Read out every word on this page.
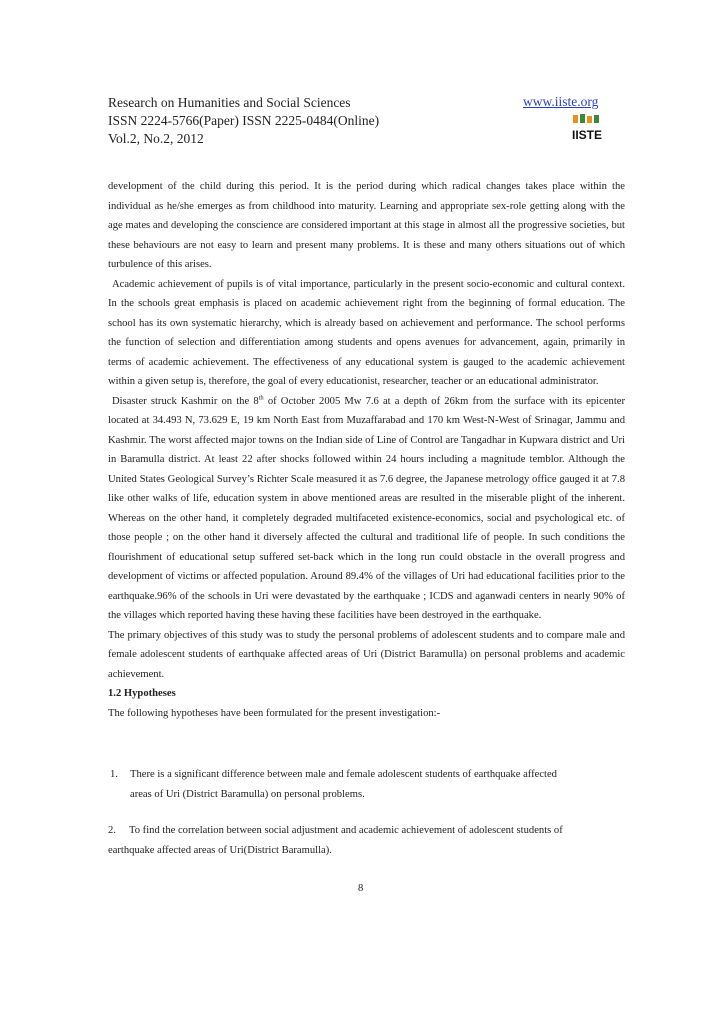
Research on Humanities and Social Sciences
ISSN 2224-5766(Paper) ISSN 2225-0484(Online)
Vol.2, No.2, 2012
www.iiste.org
IISTE

development of the child during this period. It is the period during which radical changes takes place within the individual as he/she emerges as from childhood into maturity. Learning and appropriate sex-role getting along with the age mates and developing the conscience are considered important at this stage in almost all the progressive societies, but these behaviours are not easy to learn and present many problems. It is these and many others situations out of which turbulence of this arises.

Academic achievement of pupils is of vital importance, particularly in the present socio-economic and cultural context. In the schools great emphasis is placed on academic achievement right from the beginning of formal education. The school has its own systematic hierarchy, which is already based on achievement and performance. The school performs the function of selection and differentiation among students and opens avenues for advancement, again, primarily in terms of academic achievement. The effectiveness of any educational system is gauged to the academic achievement within a given setup is, therefore, the goal of every educationist, researcher, teacher or an educational administrator.

Disaster struck Kashmir on the 8th of October 2005 Mw 7.6 at a depth of 26km from the surface with its epicenter located at 34.493 N, 73.629 E, 19 km North East from Muzaffarabad and 170 km West-N-West of Srinagar, Jammu and Kashmir. The worst affected major towns on the Indian side of Line of Control are Tangadhar in Kupwara district and Uri in Baramulla district. At least 22 after shocks followed within 24 hours including a magnitude temblor. Although the United States Geological Survey’s Richter Scale measured it as 7.6 degree, the Japanese metrology office gauged it at 7.8 like other walks of life, education system in above mentioned areas are resulted in the miserable plight of the inherent. Whereas on the other hand, it completely degraded multifaceted existence-economics, social and psychological etc. of those people ; on the other hand it diversely affected the cultural and traditional life of people. In such conditions the flourishment of educational setup suffered set-back which in the long run could obstacle in the overall progress and development of victims or affected population. Around 89.4% of the villages of Uri had educational facilities prior to the earthquake.96% of the schools in Uri were devastated by the earthquake ; ICDS and aganwadi centers in nearly 90% of the villages which reported having these having these facilities have been destroyed in the earthquake.

The primary objectives of this study was to study the personal problems of adolescent students and to compare male and female adolescent students of earthquake affected areas of Uri (District Baramulla) on personal problems and academic achievement.

1.2 Hypotheses

The following hypotheses have been formulated for the present investigation:-

1. There is a significant difference between male and female adolescent students of earthquake affected
areas of Uri (District Baramulla) on personal problems.
2.	To find the correlation between social adjustment and academic achievement of adolescent students of
earthquake affected areas of Uri(District Baramulla).
8
